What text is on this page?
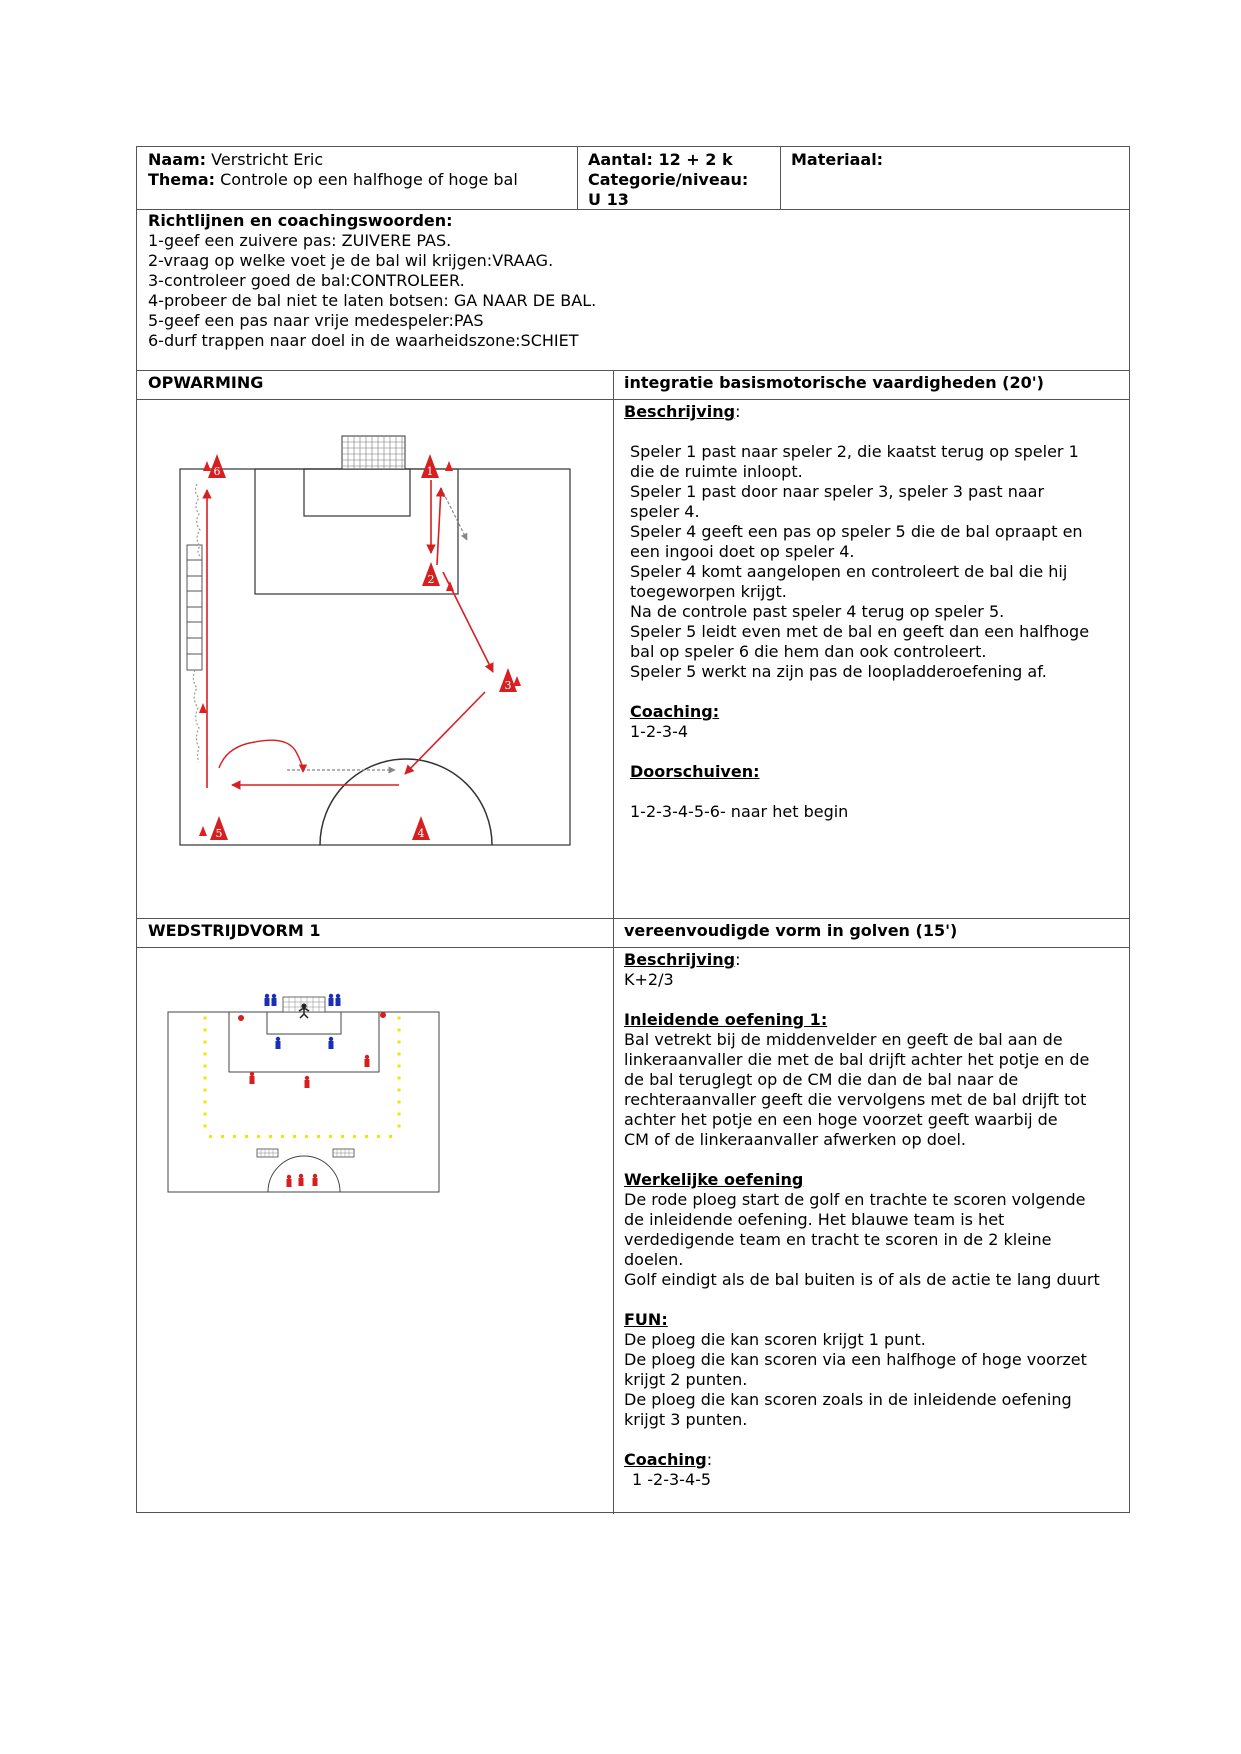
Naam: Verstricht Eric
Thema: Controle op een halfhoge of hoge bal
Aantal: 12 + 2 k
Categorie/niveau:
U 13
Materiaal:
Richtlijnen en coachingswoorden:
1-geef een zuivere pas: ZUIVERE PAS.
2-vraag op welke voet je de bal wil krijgen:VRAAG.
3-controleer goed de bal:CONTROLEER.
4-probeer de bal niet te laten botsen: GA NAAR DE BAL.
5-geef een pas naar vrije medespeler:PAS
6-durf trappen naar doel in de waarheidszone:SCHIET
OPWARMING	integratie basismotorische vaardigheden (20')
Beschrijving:
Speler 1 past naar speler 2, die kaatst terug op speler 1
die de ruimte inloopt.
Speler 1 past door naar speler 3, speler 3 past naar
speler 4.
Speler 4 geeft een pas op speler 5 die de bal opraapt en
een ingooi doet op speler 4.
Speler 4 komt aangelopen en controleert de bal die hij
toegeworpen krijgt.
Na de controle past speler 4 terug op speler 5.
Speler 5 leidt even met de bal en geeft dan een halfhoge
bal op speler 6 die hem dan ook controleert.
Speler 5 werkt na zijn pas de loopladderoefening af.
Coaching:
1-2-3-4
Doorschuiven:
1-2-3-4-5-6- naar het begin
1
2
3
4
5
6
WEDSTRIJDVORM 1	vereenvoudigde vorm in golven (15')
Beschrijving:
K+2/3
Inleidende oefening 1:
Bal vetrekt bij de middenvelder en geeft de bal aan de
linkeraanvaller die met de bal drijft achter het potje en de
de bal teruglegt op de CM die dan de bal naar de
rechteraanvaller geeft die vervolgens met de bal drijft tot
achter het potje en een hoge voorzet geeft waarbij de
CM of de linkeraanvaller afwerken op doel.
Werkelijke oefening
De rode ploeg start de golf en trachte te scoren volgende
de inleidende oefening. Het blauwe team is het
verdedigende team en tracht te scoren in de 2 kleine
doelen.
Golf eindigt als de bal buiten is of als de actie te lang duurt
FUN:
De ploeg die kan scoren krijgt 1 punt.
De ploeg die kan scoren via een halfhoge of hoge voorzet
krijgt 2 punten.
De ploeg die kan scoren zoals in de inleidende oefening
krijgt 3 punten.
Coaching:
1 -2-3-4-5
